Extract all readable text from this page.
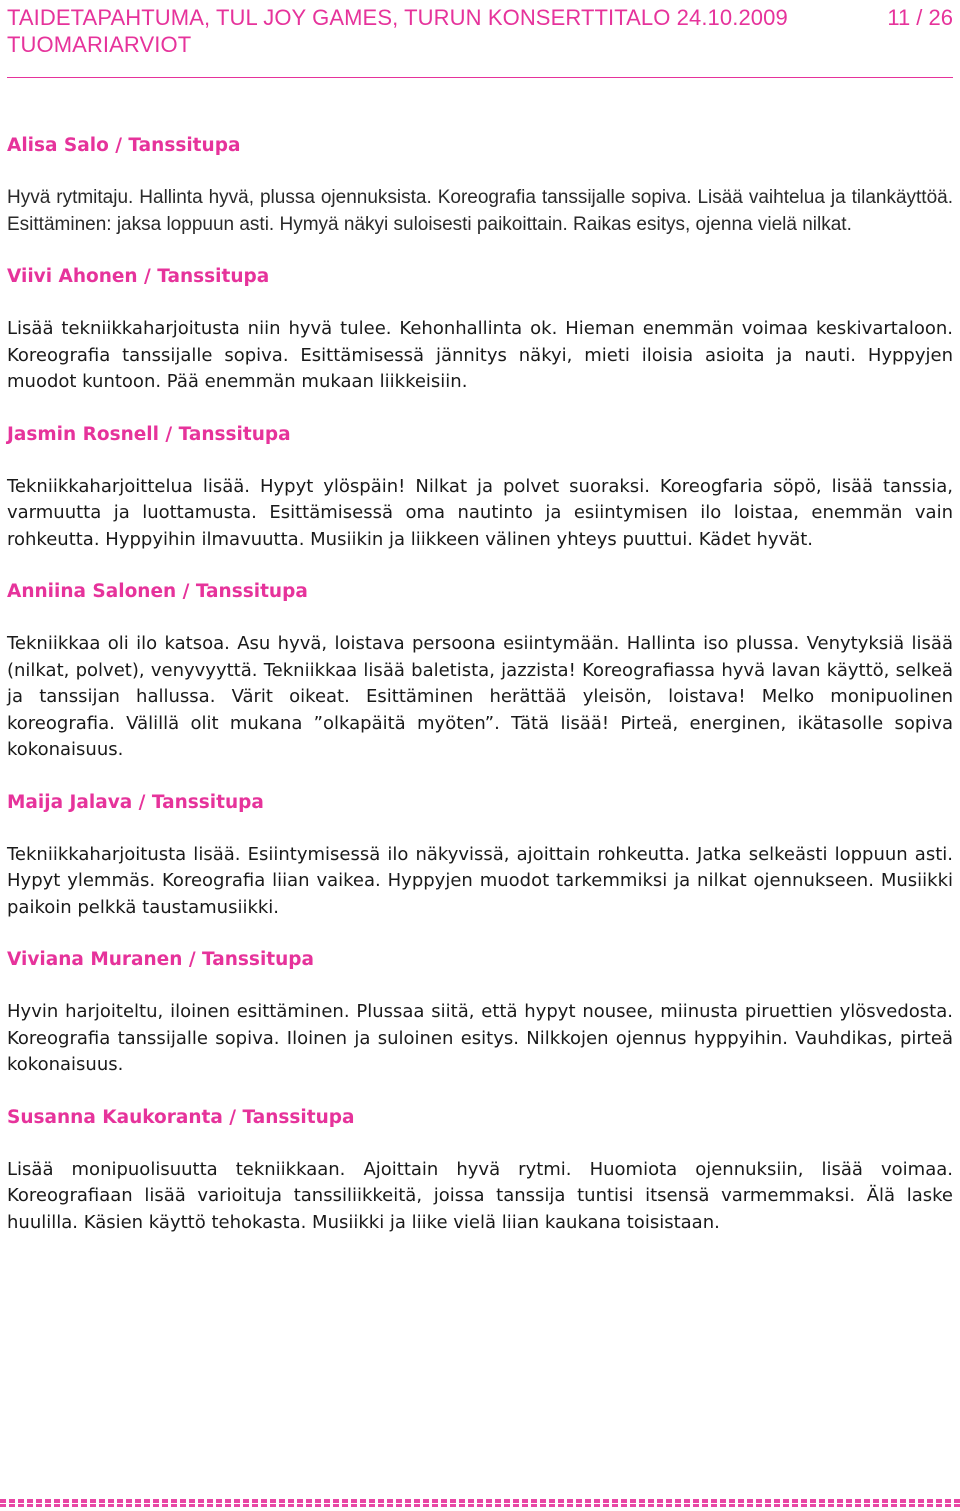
TAIDETAPAHTUMA, TUL JOY GAMES, TURUN KONSERTTITALO 24.10.2009
TUOMARIARVIOT
11 / 26
Alisa Salo / Tanssitupa

Hyvä rytmitaju. Hallinta hyvä, plussa ojennuksista. Koreografia tanssijalle sopiva. Lisää vaihtelua ja tilankäyttöä. Esittäminen: jaksa loppuun asti. Hymyä näkyi suloisesti paikoittain. Raikas esitys, ojenna vielä nilkat.

Viivi Ahonen / Tanssitupa

Lisää tekniikkaharjoitusta niin hyvä tulee. Kehonhallinta ok. Hieman enemmän voimaa keskivartaloon. Koreografia tanssijalle sopiva. Esittämisessä jännitys näkyi, mieti iloisia asioita ja nauti. Hyppyjen muodot kuntoon. Pää enemmän mukaan liikkeisiin.

Jasmin Rosnell / Tanssitupa

Tekniikkaharjoittelua lisää. Hypyt ylöspäin! Nilkat ja polvet suoraksi. Koreogfaria söpö, lisää tanssia, varmuutta ja luottamusta. Esittämisessä oma nautinto ja esiintymisen ilo loistaa, enemmän vain rohkeutta. Hyppyihin ilmavuutta. Musiikin ja liikkeen välinen yhteys puuttui. Kädet hyvät.

Anniina Salonen / Tanssitupa

Tekniikkaa oli ilo katsoa. Asu hyvä, loistava persoona esiintymään. Hallinta iso plussa. Venytyksiä lisää (nilkat, polvet), venyvyyttä. Tekniikkaa lisää baletista, jazzista! Koreografiassa hyvä lavan käyttö, selkeä ja tanssijan hallussa. Värit oikeat. Esittäminen herättää yleisön, loistava! Melko monipuolinen koreografia. Välillä olit mukana ”olkapäitä myöten”. Tätä lisää! Pirteä, energinen, ikätasolle sopiva kokonaisuus.

Maija Jalava / Tanssitupa

Tekniikkaharjoitusta lisää. Esiintymisessä ilo näkyvissä, ajoittain rohkeutta. Jatka selkeästi loppuun asti. Hypyt ylemmäs. Koreografia liian vaikea. Hyppyjen muodot tarkemmiksi ja nilkat ojennukseen. Musiikki paikoin pelkkä taustamusiikki.

Viviana Muranen / Tanssitupa

Hyvin harjoiteltu, iloinen esittäminen. Plussaa siitä, että hypyt nousee, miinusta piruettien ylösvedosta. Koreografia tanssijalle sopiva. Iloinen ja suloinen esitys. Nilkkojen ojennus hyppyihin. Vauhdikas, pirteä kokonaisuus.

Susanna Kaukoranta / Tanssitupa

Lisää monipuolisuutta tekniikkaan. Ajoittain hyvä rytmi. Huomiota ojennuksiin, lisää voimaa. Koreografiaan lisää varioituja tanssiliikkeitä, joissa tanssija tuntisi itsensä varmemmaksi. Älä laske huulilla. Käsien käyttö tehokasta. Musiikki ja liike vielä liian kaukana toisistaan.
